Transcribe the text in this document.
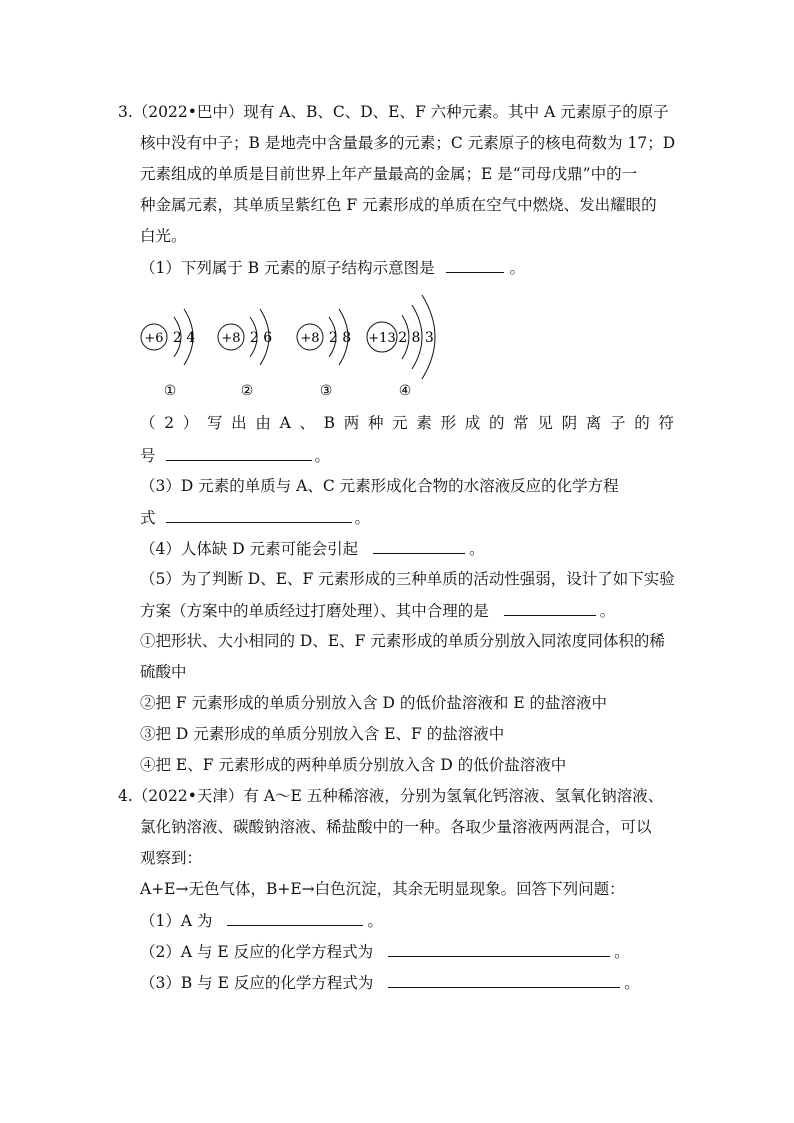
3.（2022•巴中）现有 A、B、C、D、E、F 六种元素。其中 A 元素原子的原子
核中没有中子；B 是地壳中含量最多的元素；C 元素原子的核电荷数为 17；D
元素组成的单质是目前世界上年产量最高的金属；E 是“司母戊鼎”中的一
种金属元素，其单质呈紫红色 F 元素形成的单质在空气中燃烧、发出耀眼的
白光。
（1）下列属于 B 元素的原子结构示意图是	。
+6 2 4
①
+8 2 6
②
+8 2 8
③
+13 2 8 3
④
（ 2 ） 写 出 由 A 、 B 两 种 元 素 形 成 的 常 见 阴 离 子 的 符
号	。
（3）D 元素的单质与 A、C 元素形成化合物的水溶液反应的化学方程
式	。
（4）人体缺 D 元素可能会引起	。
（5）为了判断 D、E、F 元素形成的三种单质的活动性强弱，设计了如下实验
方案（方案中的单质经过打磨处理）、其中合理的是	。
①把形状、大小相同的 D、E、F 元素形成的单质分别放入同浓度同体积的稀
硫酸中
②把 F 元素形成的单质分别放入含 D 的低价盐溶液和 E 的盐溶液中
③把 D 元素形成的单质分别放入含 E、F 的盐溶液中
④把 E、F 元素形成的两种单质分别放入含 D 的低价盐溶液中
4.（2022•天津）有 A～E 五种稀溶液，分别为氢氧化钙溶液、氢氧化钠溶液、
氯化钠溶液、碳酸钠溶液、稀盐酸中的一种。各取少量溶液两两混合，可以
观察到：
A+E→无色气体，B+E→白色沉淀，其余无明显现象。回答下列问题：
（1）A 为	。
（2）A 与 E 反应的化学方程式为	。
（3）B 与 E 反应的化学方程式为	。
